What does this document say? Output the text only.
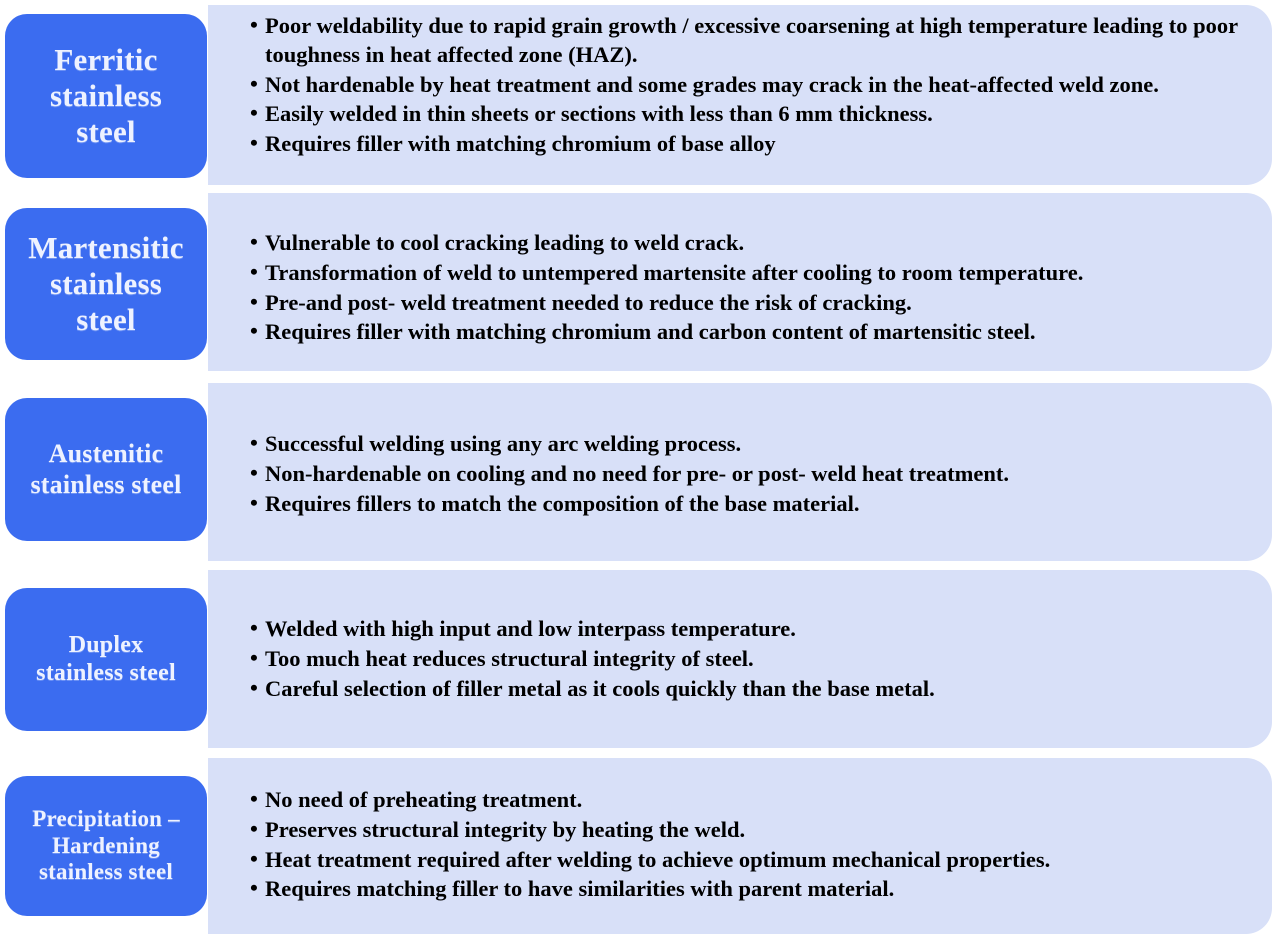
Ferritic
stainless
steel
• Poor weldability due to rapid grain growth / excessive coarsening at high temperature leading to poor toughness in heat affected zone (HAZ).
• Not hardenable by heat treatment and some grades may crack in the heat-affected weld zone.
• Easily welded in thin sheets or sections with less than 6 mm thickness.
• Requires filler with matching chromium of base alloy
Martensitic
stainless
steel
• Vulnerable to cool cracking leading to weld crack.
• Transformation of weld to untempered martensite after cooling to room temperature.
• Pre-and post- weld treatment needed to reduce the risk of cracking.
• Requires filler with matching chromium and carbon content of martensitic steel.
Austenitic
stainless steel
• Successful welding using any arc welding process.
• Non-hardenable on cooling and no need for pre- or post- weld heat treatment.
• Requires fillers to match the composition of the base material.
Duplex
stainless steel
• Welded with high input and low interpass temperature.
• Too much heat reduces structural integrity of steel.
• Careful selection of filler metal as it cools quickly than the base metal.
Precipitation –
Hardening
stainless steel
• No need of preheating treatment.
• Preserves structural integrity by heating the weld.
• Heat treatment required after welding to achieve optimum mechanical properties.
• Requires matching filler to have similarities with parent material.
